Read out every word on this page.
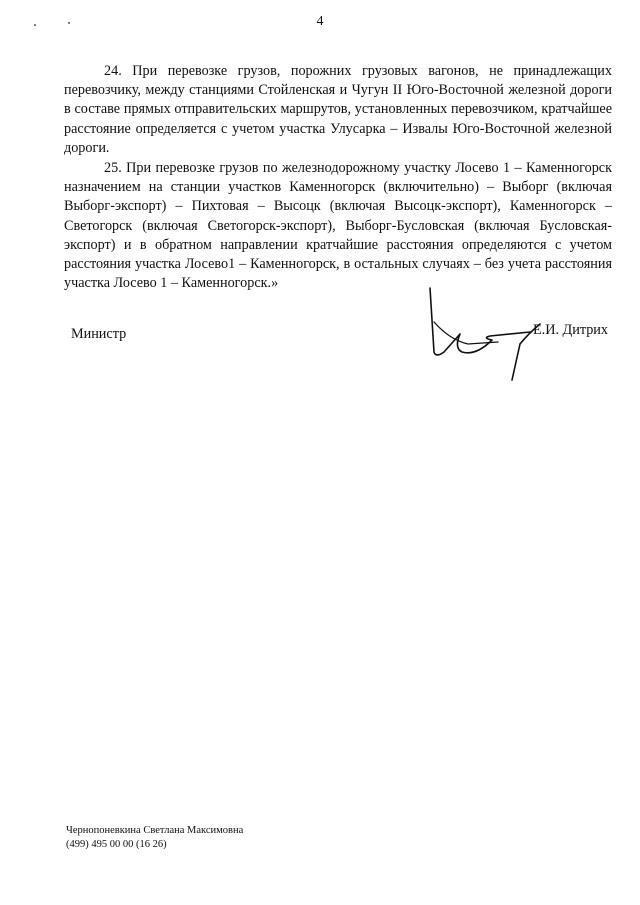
4

24. При перевозке грузов, порожних грузовых вагонов, не принадлежащих перевозчику, между станциями Стойленская и Чугун II Юго-Восточной железной дороги в составе прямых отправительских маршрутов, установленных перевозчиком, кратчайшее расстояние определяется с учетом участка Улусарка – Извалы Юго-Восточной железной дороги.

25. При перевозке грузов по железнодорожному участку Лосево 1 – Каменногорск назначением на станции участков Каменногорск (включительно) – Выборг (включая Выборг-экспорт) – Пихтовая – Высоцк (включая Высоцк-экспорт), Каменногорск – Светогорск (включая Светогорск-экспорт), Выборг-Бусловская (включая Бусловская-экспорт) и в обратном направлении кратчайшие расстояния определяются с учетом расстояния участка Лосево1 – Каменногорск, в остальных случаях – без учета расстояния участка Лосево 1 – Каменногорск.»

Министр	Е.И. Дитрих
Чернопоневкина Светлана Максимовна
(499) 495 00 00 (16 26)
